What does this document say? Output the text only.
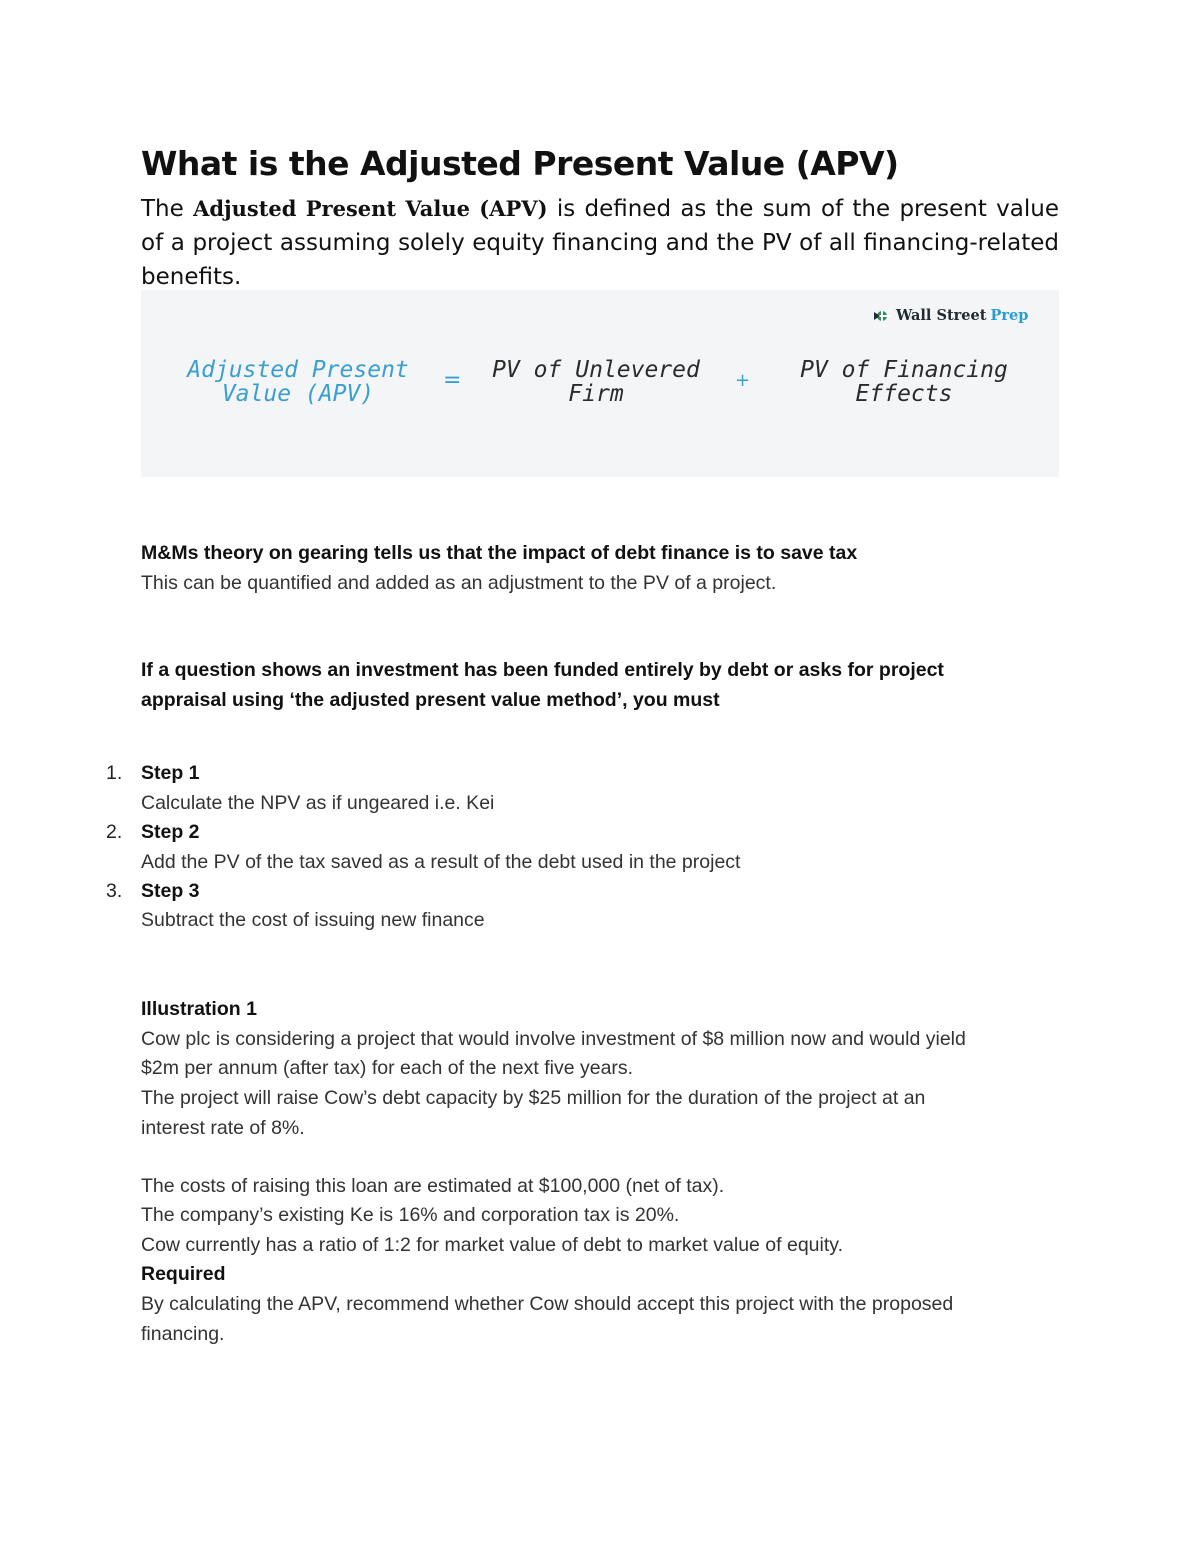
What is the Adjusted Present Value (APV)

The Adjusted Present Value (APV) is defined as the sum of the present value of a project assuming solely equity financing and the PV of all financing-related benefits.

Wall Street Prep
Adjusted Present
Value (APV)
=	PV of Unlevered
Firm
+	PV of Financing
Effects

M&Ms theory on gearing tells us that the impact of debt finance is to save tax

This can be quantified and added as an adjustment to the PV of a project.

If a question shows an investment has been funded entirely by debt or asks for project

appraisal using ‘the adjusted present value method’, you must

1. Step 1

Calculate the NPV as if ungeared i.e. Kei

2. Step 2

Add the PV of the tax saved as a result of the debt used in the project

3. Step 3

Subtract the cost of issuing new finance

Illustration 1

Cow plc is considering a project that would involve investment of $8 million now and would yield

$2m per annum (after tax) for each of the next five years.

The project will raise Cow’s debt capacity by $25 million for the duration of the project at an

interest rate of 8%.

The costs of raising this loan are estimated at $100,000 (net of tax).

The company’s existing Ke is 16% and corporation tax is 20%.

Cow currently has a ratio of 1:2 for market value of debt to market value of equity.

Required

By calculating the APV, recommend whether Cow should accept this project with the proposed

financing.
